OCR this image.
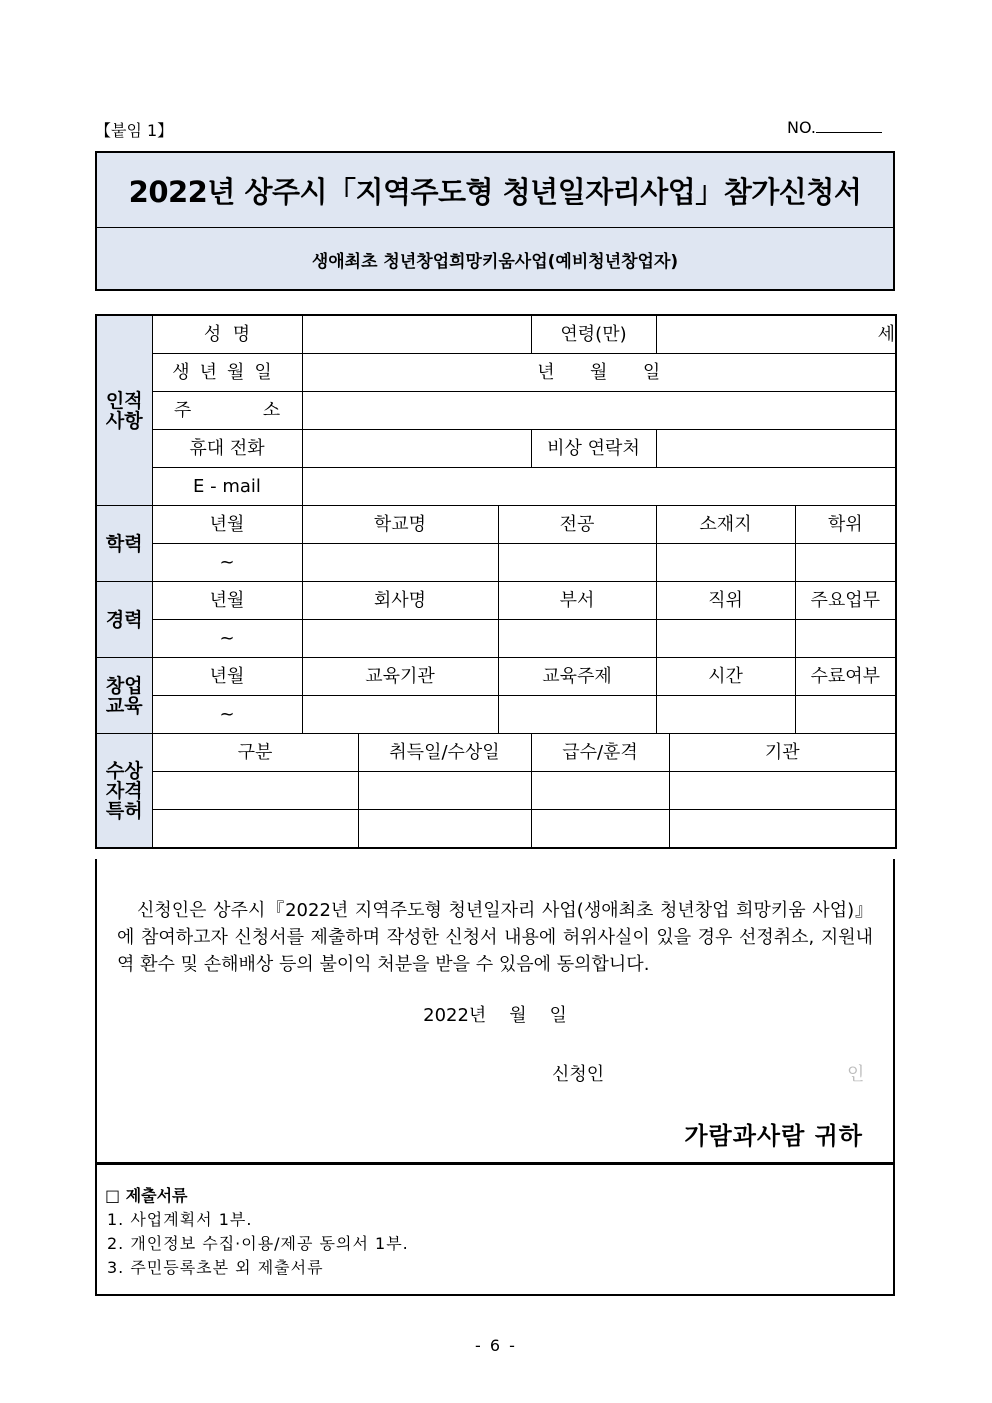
【붙임 1】	NO.
2022년 상주시「지역주도형 청년일자리사업」참가신청서
생애최초 청년창업희망키움사업(예비청년창업자)
인적
사항	성  명				연령(만)	세		
	생년월일	년  월  일						
	주  소							
	휴대 전화				비상 연락처			
	E - mail							
학력	년월	학교명		전공		소재지		학위
	~							
경력	년월	회사명		부서		직위		주요업무
	~							
창업
교육	년월	교육기관		교육주제		시간		수료여부
	~							
수상
자격
특허	구분		취득일/수상일		급수/훈격		기관	

신청인은 상주시『2022년 지역주도형 청년일자리 사업(생애최초 청년창업 희망키움 사업)』에 참여하고자 신청서를 제출하며 작성한 신청서 내용에 허위사실이 있을 경우 선정취소, 지원내역 환수 및 손해배상 등의 불이익 처분을 받을 수 있음에 동의합니다.
2022년    월    일
신청인	인
가람과사람 귀하
□ 제출서류
1. 사업계획서 1부.
2. 개인정보 수집·이용/제공 동의서 1부.
3. 주민등록초본 외 제출서류
- 6 -
